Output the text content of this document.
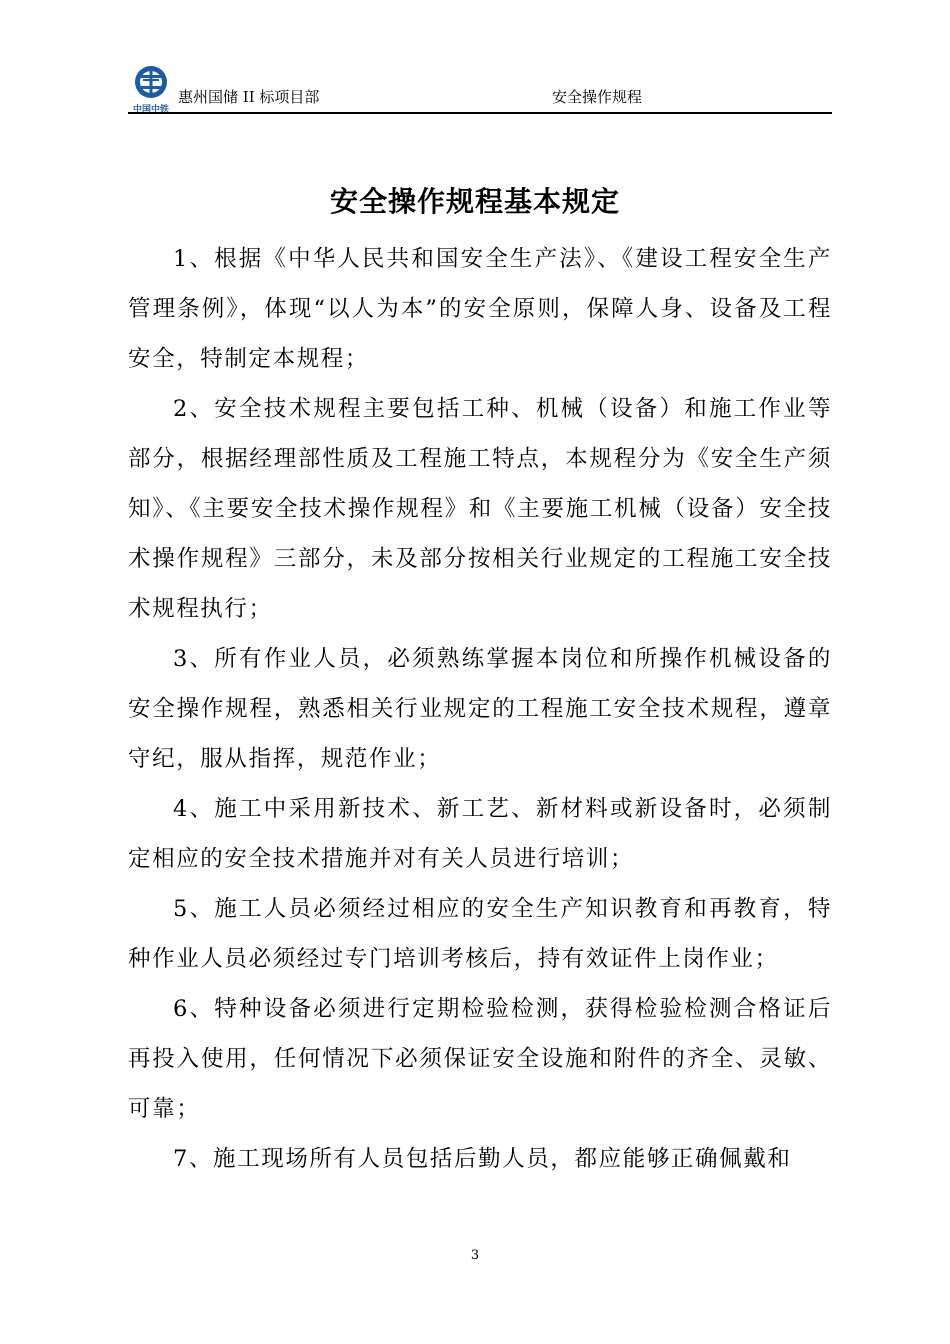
中国中铁
惠州国储 II 标项目部	安全操作规程
安全操作规程基本规定

1、根据《中华人民共和国安全生产法》、《建设工程安全生产管理条例》，体现“以人为本”的安全原则，保障人身、设备及工程安全，特制定本规程；

2、安全技术规程主要包括工种、机械（设备）和施工作业等部分，根据经理部性质及工程施工特点，本规程分为《安全生产须知》、《主要安全技术操作规程》和《主要施工机械（设备）安全技术操作规程》三部分，未及部分按相关行业规定的工程施工安全技术规程执行；

3、所有作业人员，必须熟练掌握本岗位和所操作机械设备的安全操作规程，熟悉相关行业规定的工程施工安全技术规程，遵章守纪，服从指挥，规范作业；

4、施工中采用新技术、新工艺、新材料或新设备时，必须制定相应的安全技术措施并对有关人员进行培训；

5、施工人员必须经过相应的安全生产知识教育和再教育，特种作业人员必须经过专门培训考核后，持有效证件上岗作业；

6、特种设备必须进行定期检验检测，获得检验检测合格证后再投入使用，任何情况下必须保证安全设施和附件的齐全、灵敏、可靠；

7、施工现场所有人员包括后勤人员，都应能够正确佩戴和

3
